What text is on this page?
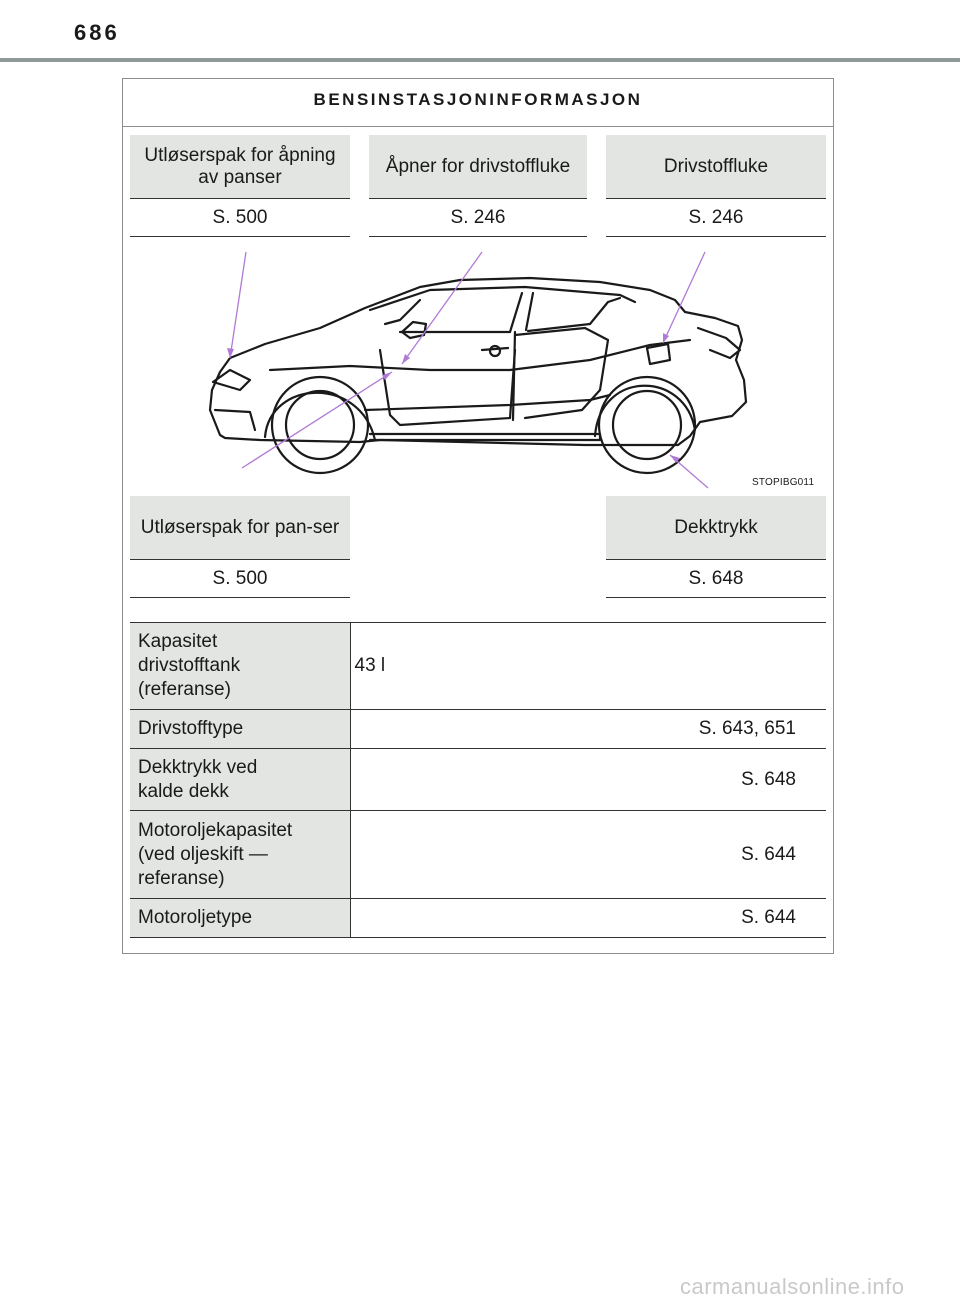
686
BENSINSTASJONINFORMASJON
Utløserspak for åpning av panser
S. 500
Åpner for drivstoffluke
S. 246
Drivstoffluke
S. 246
STOPIBG011
Utløserspak for pan-ser
S. 500
Dekktrykk
S. 648
Kapasitet drivstofftank (referanse)	43 l
Drivstofftype	S. 643, 651
Dekktrykk ved kalde dekk	S. 648
Motoroljekapasitet (ved oljeskift — referanse)	S. 644
Motoroljetype	S. 644
carmanualsonline.info
